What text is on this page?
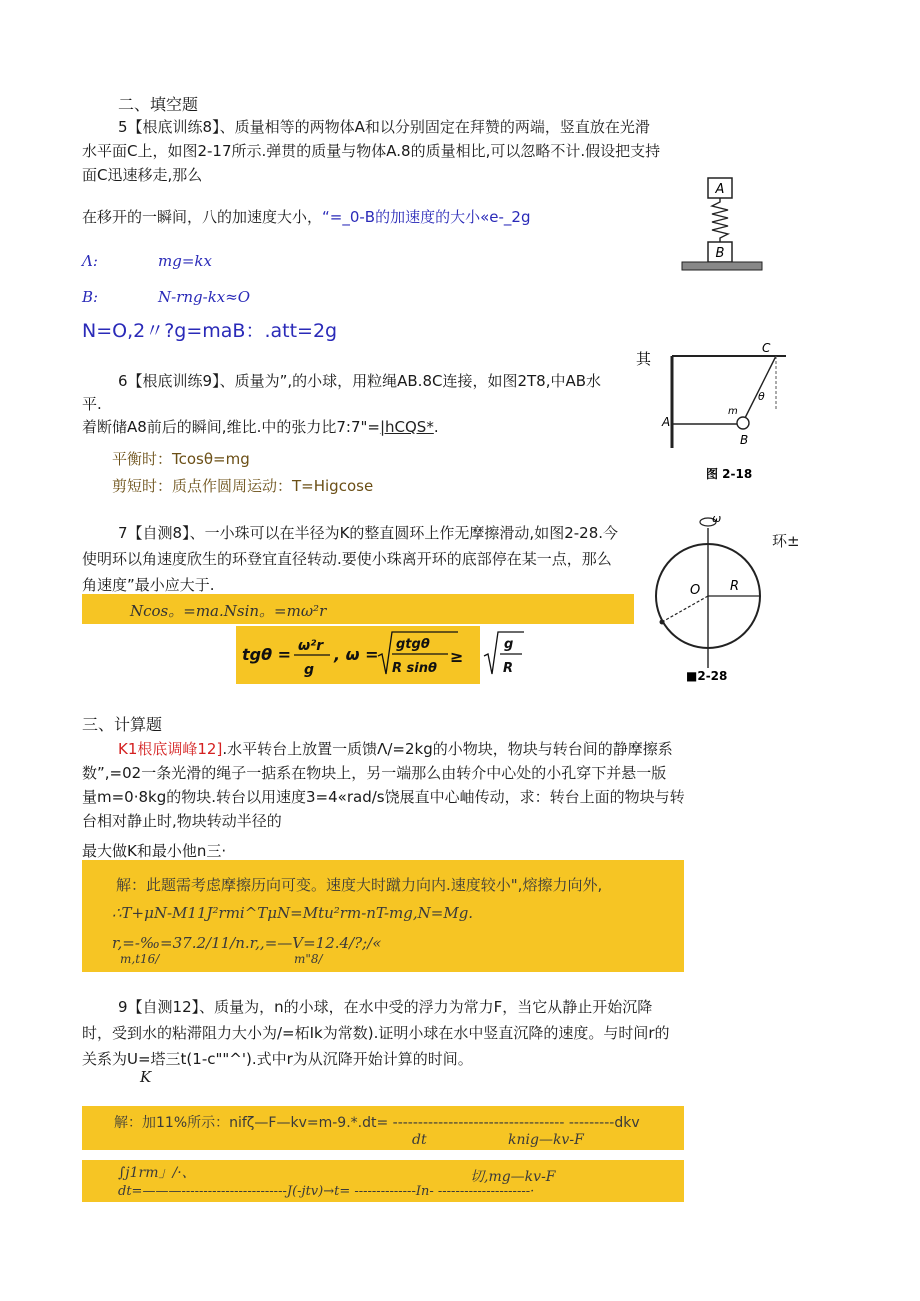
二、填空题
5【根底训练8】、质量相等的两物体A和以分别固定在拜赞的两端，竖直放在光滑
水平面C上，如图2-17所示.弹贯的质量与物体A.8的质量相比,可以忽略不计.假设把支持
面C迅速移走,那么
在移开的一瞬间，八的加速度大小，“=_0-B的加速度的大小«e-_2g
Λ:	mg=kx
B:	N-rng-kx≈O
N=O,2〃?g=maB：.att=2g
A
B
6【根底训练9】、质量为”,的小球，用粒绳AB.8C连接，如图2T8,中AB水
平.
着断储A8前后的瞬间,维比.中的张力比7:7"=|hCQS*.
平衡时：Tcosθ=mg
剪短时：质点作圆周运动：T=Higcose
其
C
θ
A
m
B
图 2-18
7【自测8】、一小珠可以在半径为K的整直圆环上作无摩擦滑动,如图2-28.今
使明环以角速度欣生的环登宜直径转动.要使小珠离开环的底部停在某一点，那么
角速度”最小应大于.
环±
Ncos。=ma.Nsin。=mω²r
tgθ = ω²r
g
, ω =
gtgθ
R sinθ
≥
g
R
ω
O R
■2-28
三、计算题
K1根底调峰12].水平转台上放置一质馈Λ/=2kg的小物块，物块与转台间的静摩擦系
数”,=02一条光滑的绳子一掂系在物块上，另一端那么由转介中心处的小孔穿下并悬一版
量m=0·8kg的物块.转台以用速度3=4«rad/s饶展直中心岫传动，求：转台上面的物块与转
台相对静止时,物块转动半径的
最大做K和最小他n三·
解：此题需考虑摩擦历向可变。速度大时蹴力向内.速度较小",熔擦力向外,
∴T+μN-M11J²rmi^TμN=Mtu²rm-nT-mg,N=Mg.
r,=-‰=37.2/11/n.r,,=—V=12.4/?;/«
m,t16/	m"8/
9【自测12】、质量为，n的小球，在水中受的浮力为常力F，当它从静止开始沉降
时，受到水的粘滞阻力大小为/=柘Ik为常数).证明小球在水中竖直沉降的速度。与时间r的
关系为U=塔三t(1-c""^').式中r为从沉降开始计算的时间。
K
解：加11%所示：nifζ—F—kv=m-9.*.dt= ---------------------------------- ---------dkv
dt	knig—kv-F
∫j1rm」/·、	切,mg—kv-F
dt=———------------------------J(-jtv)→t= --------------In- ---------------------·
